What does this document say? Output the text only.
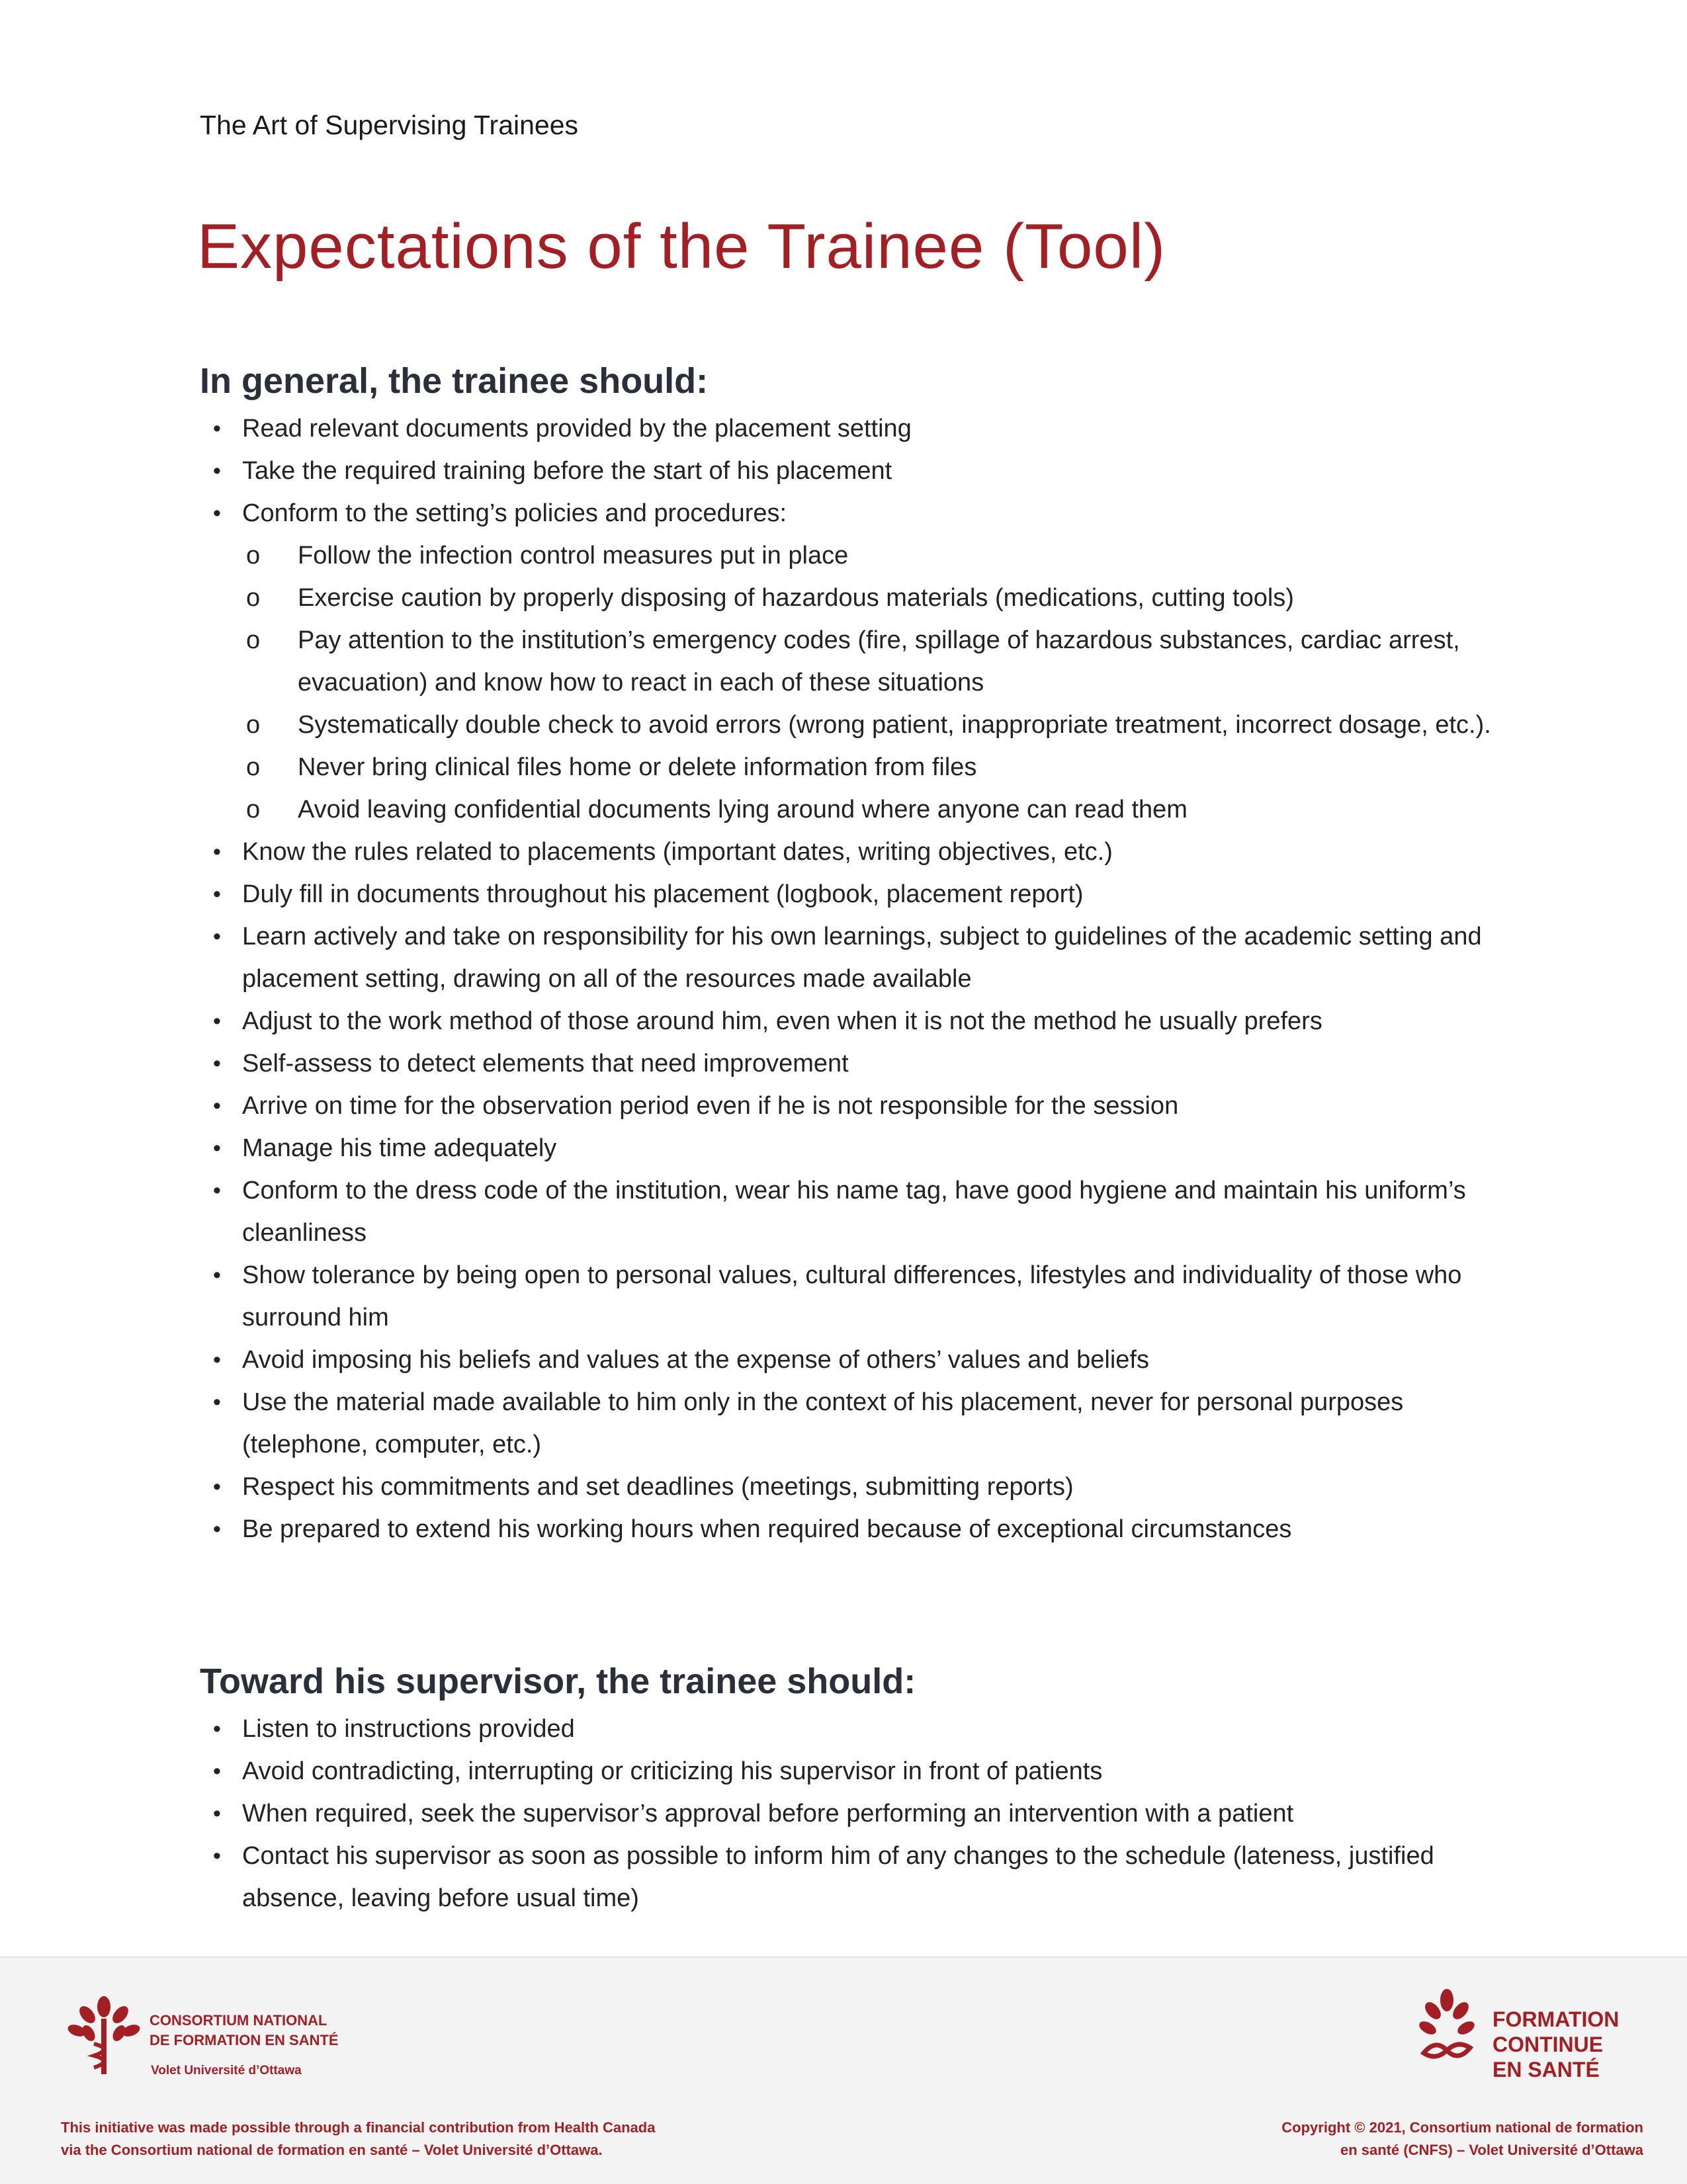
The Art of Supervising Trainees
Expectations of the Trainee (Tool)
In general, the trainee should:
• Read relevant documents provided by the placement setting
• Take the required training before the start of his placement
• Conform to the setting’s policies and procedures:
o Follow the infection control measures put in place
o Exercise caution by properly disposing of hazardous materials (medications, cutting tools)
o Pay attention to the institution’s emergency codes (fire, spillage of hazardous substances, cardiac arrest, evacuation) and know how to react in each of these situations
o Systematically double check to avoid errors (wrong patient, inappropriate treatment, incorrect dosage, etc.).
o Never bring clinical files home or delete information from files
o Avoid leaving confidential documents lying around where anyone can read them
• Know the rules related to placements (important dates, writing objectives, etc.)
• Duly fill in documents throughout his placement (logbook, placement report)
• Learn actively and take on responsibility for his own learnings, subject to guidelines of the academic setting and placement setting, drawing on all of the resources made available
• Adjust to the work method of those around him, even when it is not the method he usually prefers
• Self-assess to detect elements that need improvement
• Arrive on time for the observation period even if he is not responsible for the session
• Manage his time adequately
• Conform to the dress code of the institution, wear his name tag, have good hygiene and maintain his uniform’s cleanliness
• Show tolerance by being open to personal values, cultural differences, lifestyles and individuality of those who surround him
• Avoid imposing his beliefs and values at the expense of others’ values and beliefs
• Use the material made available to him only in the context of his placement, never for personal purposes (telephone, computer, etc.)
• Respect his commitments and set deadlines (meetings, submitting reports)
• Be prepared to extend his working hours when required because of exceptional circumstances
Toward his supervisor, the trainee should:
• Listen to instructions provided
• Avoid contradicting, interrupting or criticizing his supervisor in front of patients
• When required, seek the supervisor’s approval before performing an intervention with a patient
• Contact his supervisor as soon as possible to inform him of any changes to the schedule (lateness, justified absence, leaving before usual time)
CONSORTIUM NATIONAL
DE FORMATION EN SANTÉ
Volet Université d’Ottawa
This initiative was made possible through a financial contribution from Health Canada
via the Consortium national de formation en santé – Volet Université d’Ottawa.
FORMATION
CONTINUE
EN SANTÉ
Copyright © 2021, Consortium national de formation
en santé (CNFS) – Volet Université d’Ottawa
